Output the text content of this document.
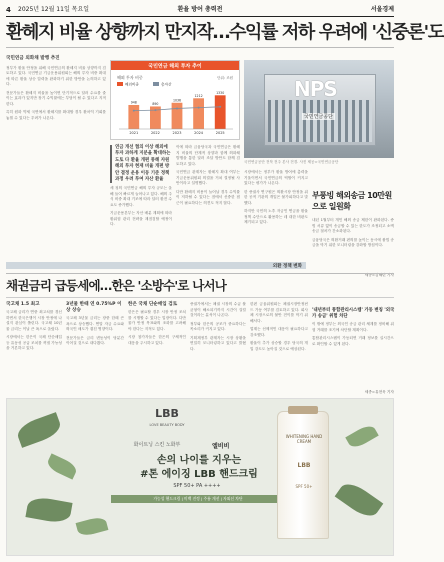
4 2025년 12월 11일 목요일	환율 방어 총력전	서울경제
환헤지 비율 상향까지 만지작…수익률 저하 우려에 '신중론'도
국민연금 외화채 발행 추진
정부가 환율 안정을 위해 국민연금의 환헤지 비율 상향까지 검토하고 있다. 국민연금 기금운용위원회는 해외 투자 비중 확대에 따른 환율 상승 압력을 완화하기 위한 방안을 논의하고 있다.
전문가들은 환헤지 비율을 높이면 단기적으로 달러 수요를 줄이는 효과가 있지만 장기 수익률에는 부담이 될 수 있다고 지적한다.
특히 원화 약세 국면에서 환헤지를 확대할 경우 환차익 기회를 놓칠 수 있다는 우려가 나온다.
국민연금 해외 투자 추이
해외 투자 비중	단위: 조원
해외비중	총자산
2021
948
2022
890
2023
1036
2024
1212
2025
1330
연금 개선 협의 이상 해외에 투자 과하게 지분을 확대하는 도토 다 환율 개편 통해 자원 해외 투자 현재 비율 개편 방안 결정 운용 이동 기준 정책 과정 우려 투여 자산 환율
세 청의 국민연금 해외 투자 규모는 올해 들어 빠르게 늘어나고 있다. 해외 주식 비중 확대 기조에 따라 달러 환전 수요도 증가했다.
기금운용본부는 자산 배분 계획에 따라 환위험 관리 전략을 재점검할 예정이다.
이에 따라 금융당국과 국민연금은 환헤지 비율의 단계적 상향과 함께 외화채 발행을 통한 달러 조달 방안도 함께 검토하고 있다.
국민연금 관계자는 환헤지 확대 여부는 기금운용위원회 의결을 거쳐 결정될 사안이라고 설명했다.
다만 환헤지 비용이 늘어날 경우 수익률이 저하될 수 있다는 점에서 신중한 접근이 필요하다는 의견도 적지 않다.
NPS
국민연금공단
국민연금공단 전북 전주 본사 전경. 사진 제공=국민연금공단
시장에서는 정부가 환율 방어에 총력을 기울이면서 국민연금의 역할이 커지고 있다는 평가가 나온다.
한 증권사 연구원은 외환시장 안정을 위한 공적 기관의 개입은 불가피하다고 말했다.
하지만 국민의 노후 자금인 연금을 환율 정책 수단으로 활용하는 데 대한 비판도 제기되고 있다.
부풍빙 해외송금 10만원으로 일원화
내년 1월부터 개인 해외 송금 제한이 완화된다. 증빙 서류 없이 송금할 수 있는 한도가 조정되고 소액 송금 절차가 간소화된다.
금융당국은 외환거래 편의를 높이는 동시에 불법 송금을 막기 위한 모니터링을 강화할 방침이다.
세종=김혜린 기자
'내년부터 통합관리시스템' 가동 변칭 '외국가 송금' 위험 차단
이 밖에 정부는 외국인 송금 관리 체계를 정비해 위험 거래를 조기에 차단할 계획이다.
통합관리시스템이 가동되면 거래 정보를 실시간으로 확인할 수 있게 된다.
외환 정책 변화
채권금리 급등세에…한은 '소방수'로 나서나
국고채 1.5 최고
국고채 금리가 연중 최고치를 경신하면서 한국은행이 시장 안정에 나설지 관심이 쏠린다. 국고채 10년물 금리는 이날 큰 폭으로 올랐다.
시장에서는 한은이 국채 단순매입 등 유동성 공급 조치를 꺼낼 가능성을 거론하고 있다.
3년물 한때 연 0.75%P 이상 상승
국고채 3년물 금리는 장중 한때 큰 폭으로 상승했다. 연말 자금 수요와 외국인 매도가 겹친 영향이다.
전문가들은 금리 변동성이 당분간 이어질 것으로 내다봤다.
한은 국채 단순매입 검토
한은은 필요할 경우 시장 안정 조치를 시행할 수 있다는 입장이다. 다만 물가 안정 목표와의 조화를 고려해야 한다는 지적도 있다.
시장 참가자들은 한은의 구체적인 대응을 주시하고 있다.
증권가에서는 채권 시장의 수급 불균형이 해소되기까지 시간이 걸릴 것이라는 분석이 나온다.
정부와 한은의 공조가 중요하다는 목소리가 커지고 있다.
기획재정부 관계자는 시장 상황을 면밀히 모니터링하고 있다고 밝혔다.
한편 금융위원회는 채권시장안정펀드 가동 여부를 검토하고 있다. 회사채 시장으로의 불안 전이를 막기 위해서다.
업계는 선제적인 대응이 필요하다고 강조했다.
환율이 추가 상승할 경우 당국의 개입 강도도 높아질 것으로 예상된다.
세종=유현욱 기자
LBB
LOVE BEAUTY BODY
화이트닝 스킨 노화부	엘비비
손의 나이를 지우는
#톤 에이징 LBB 핸드크림
SPF 50+ PA ++++
가능성 핸드크림 | 미백 진정 | 주름 개선 | 자외선 차단
WHITENING HAND CREAM
LBB
SPF 50+
